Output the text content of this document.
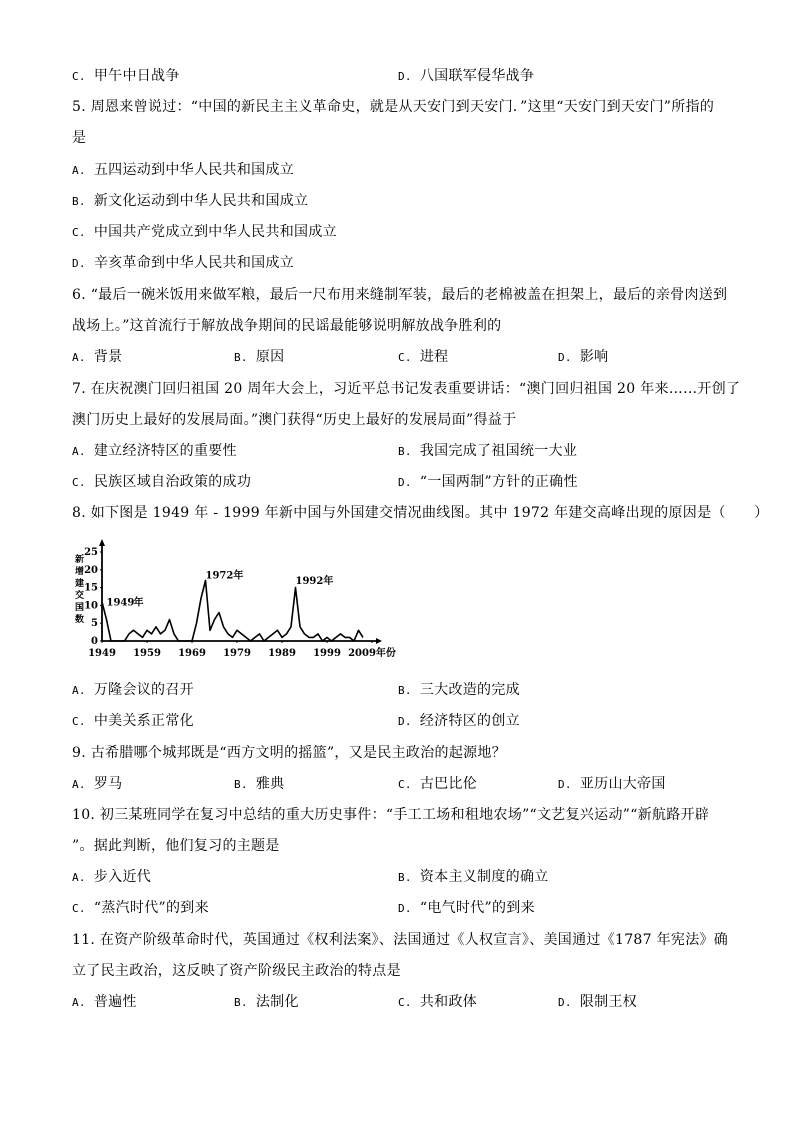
C. 甲午中日战争	D. 八国联军侵华战争
5. 周恩来曾说过：“中国的新民主主义革命史，就是从天安门到天安门．”这里“天安门到天安门”所指的
是
A. 五四运动到中华人民共和国成立
B. 新文化运动到中华人民共和国成立
C. 中国共产党成立到中华人民共和国成立
D. 辛亥革命到中华人民共和国成立
6. “最后一碗米饭用来做军粮，最后一尺布用来缝制军装，最后的老棉被盖在担架上，最后的亲骨肉送到
战场上。”这首流行于解放战争期间的民谣最能够说明解放战争胜利的
A. 背景	B. 原因	C. 进程	D. 影响
7. 在庆祝澳门回归祖国 20 周年大会上，习近平总书记发表重要讲话：“澳门回归祖国 20 年来……开创了
澳门历史上最好的发展局面。”澳门获得“历史上最好的发展局面”得益于
A. 建立经济特区的重要性	B. 我国完成了祖国统一大业
C. 民族区域自治政策的成功	D. “一国两制”方针的正确性
8. 如下图是 1949 年 - 1999 年新中国与外国建交情况曲线图。其中 1972 年建交高峰出现的原因是（　　）
新
增
建
交
国
数
0
5
10
15
20
25
1949 1959 1969 1979 1989 1999 2009年份
1949 年
1972年	1992年
A. 万隆会议的召开	B. 三大改造的完成
C. 中美关系正常化	D. 经济特区的创立
9. 古希腊哪个城邦既是“西方文明的摇篮”，又是民主政治的起源地？
A. 罗马	B. 雅典	C. 古巴比伦	D. 亚历山大帝国
10. 初三某班同学在复习中总结的重大历史事件：“手工工场和租地农场”“文艺复兴运动”“新航路开辟
”。据此判断，他们复习的主题是
A. 步入近代	B. 资本主义制度的确立
C. “蒸汽时代”的到来	D. “电气时代”的到来
11. 在资产阶级革命时代，英国通过《权利法案》、法国通过《人权宣言》、美国通过《1787 年宪法》确
立了民主政治，这反映了资产阶级民主政治的特点是
A. 普遍性	B. 法制化	C. 共和政体	D. 限制王权
